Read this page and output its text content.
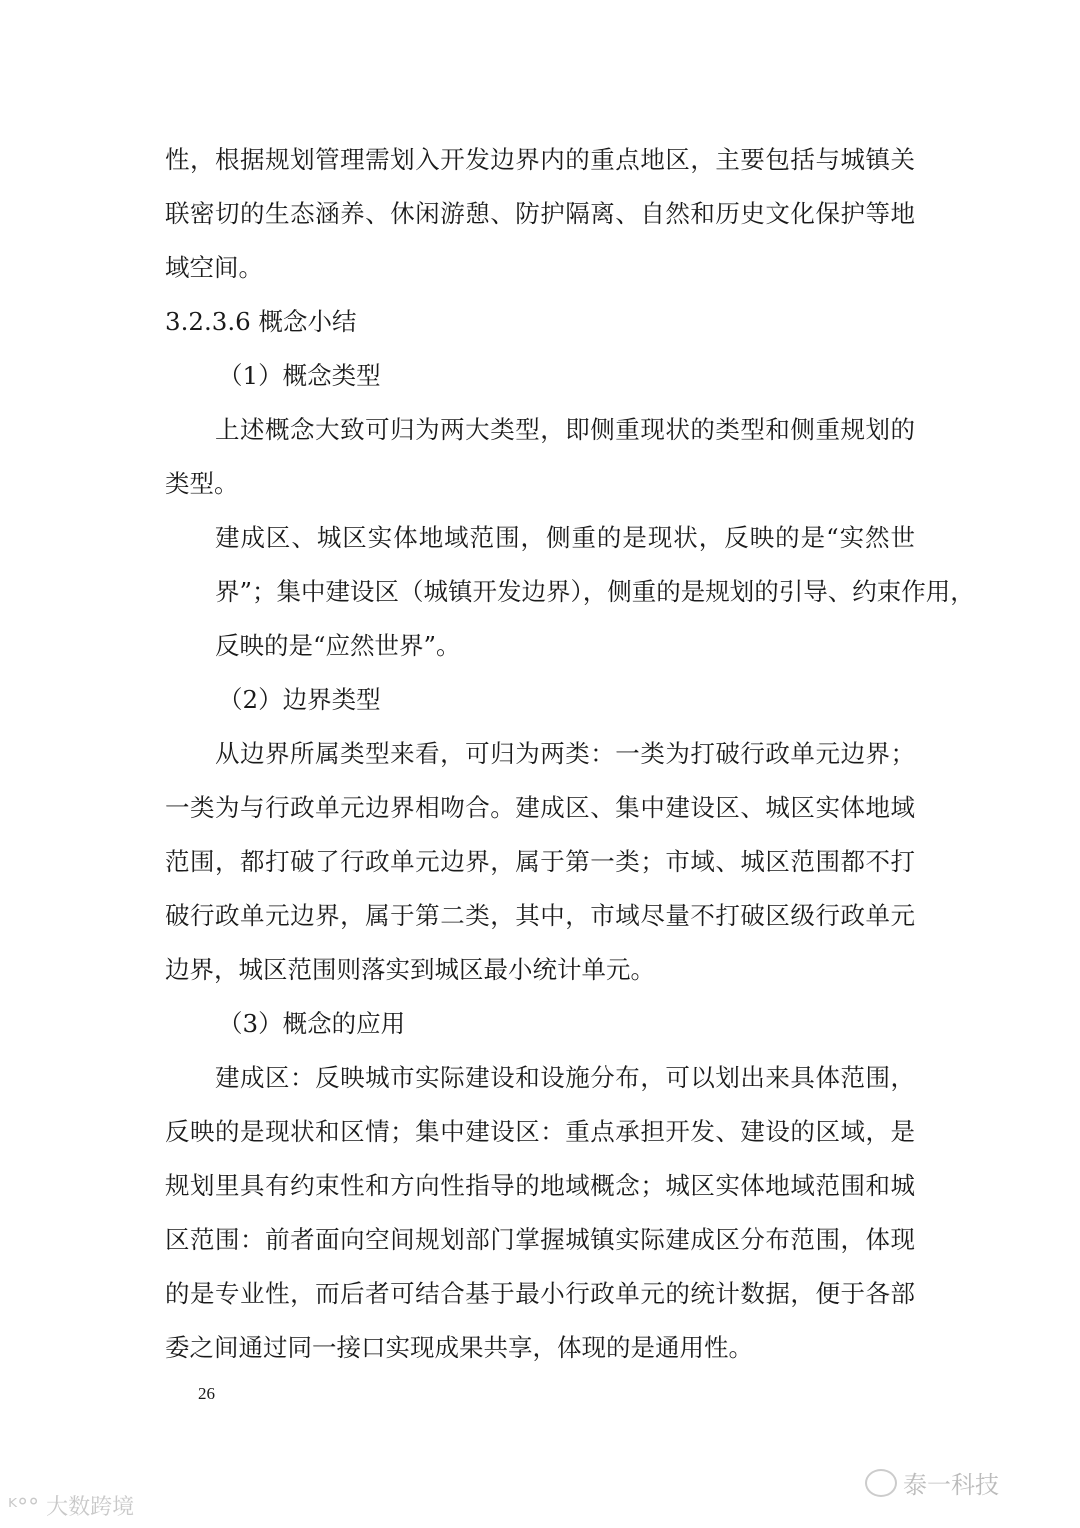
性，根据规划管理需划入开发边界内的重点地区，主要包括与城镇关
联密切的生态涵养、休闲游憩、防护隔离、自然和历史文化保护等地
域空间。
3.2.3.6 概念小结
（1）概念类型
上述概念大致可归为两大类型，即侧重现状的类型和侧重规划的
类型。
建成区、城区实体地域范围，侧重的是现状，反映的是“实然世
界”；集中建设区（城镇开发边界），侧重的是规划的引导、约束作用，
反映的是“应然世界”。
（2）边界类型
从边界所属类型来看，可归为两类：一类为打破行政单元边界；
一类为与行政单元边界相吻合。建成区、集中建设区、城区实体地域
范围，都打破了行政单元边界，属于第一类；市域、城区范围都不打
破行政单元边界，属于第二类，其中，市域尽量不打破区级行政单元
边界，城区范围则落实到城区最小统计单元。
（3）概念的应用
建成区：反映城市实际建设和设施分布，可以划出来具体范围，
反映的是现状和区情；集中建设区：重点承担开发、建设的区域，是
规划里具有约束性和方向性指导的地域概念；城区实体地域范围和城
区范围：前者面向空间规划部门掌握城镇实际建成区分布范围，体现
的是专业性，而后者可结合基于最小行政单元的统计数据，便于各部
委之间通过同一接口实现成果共享，体现的是通用性。
26
ᴷ°° 大数跨境
泰一科技
